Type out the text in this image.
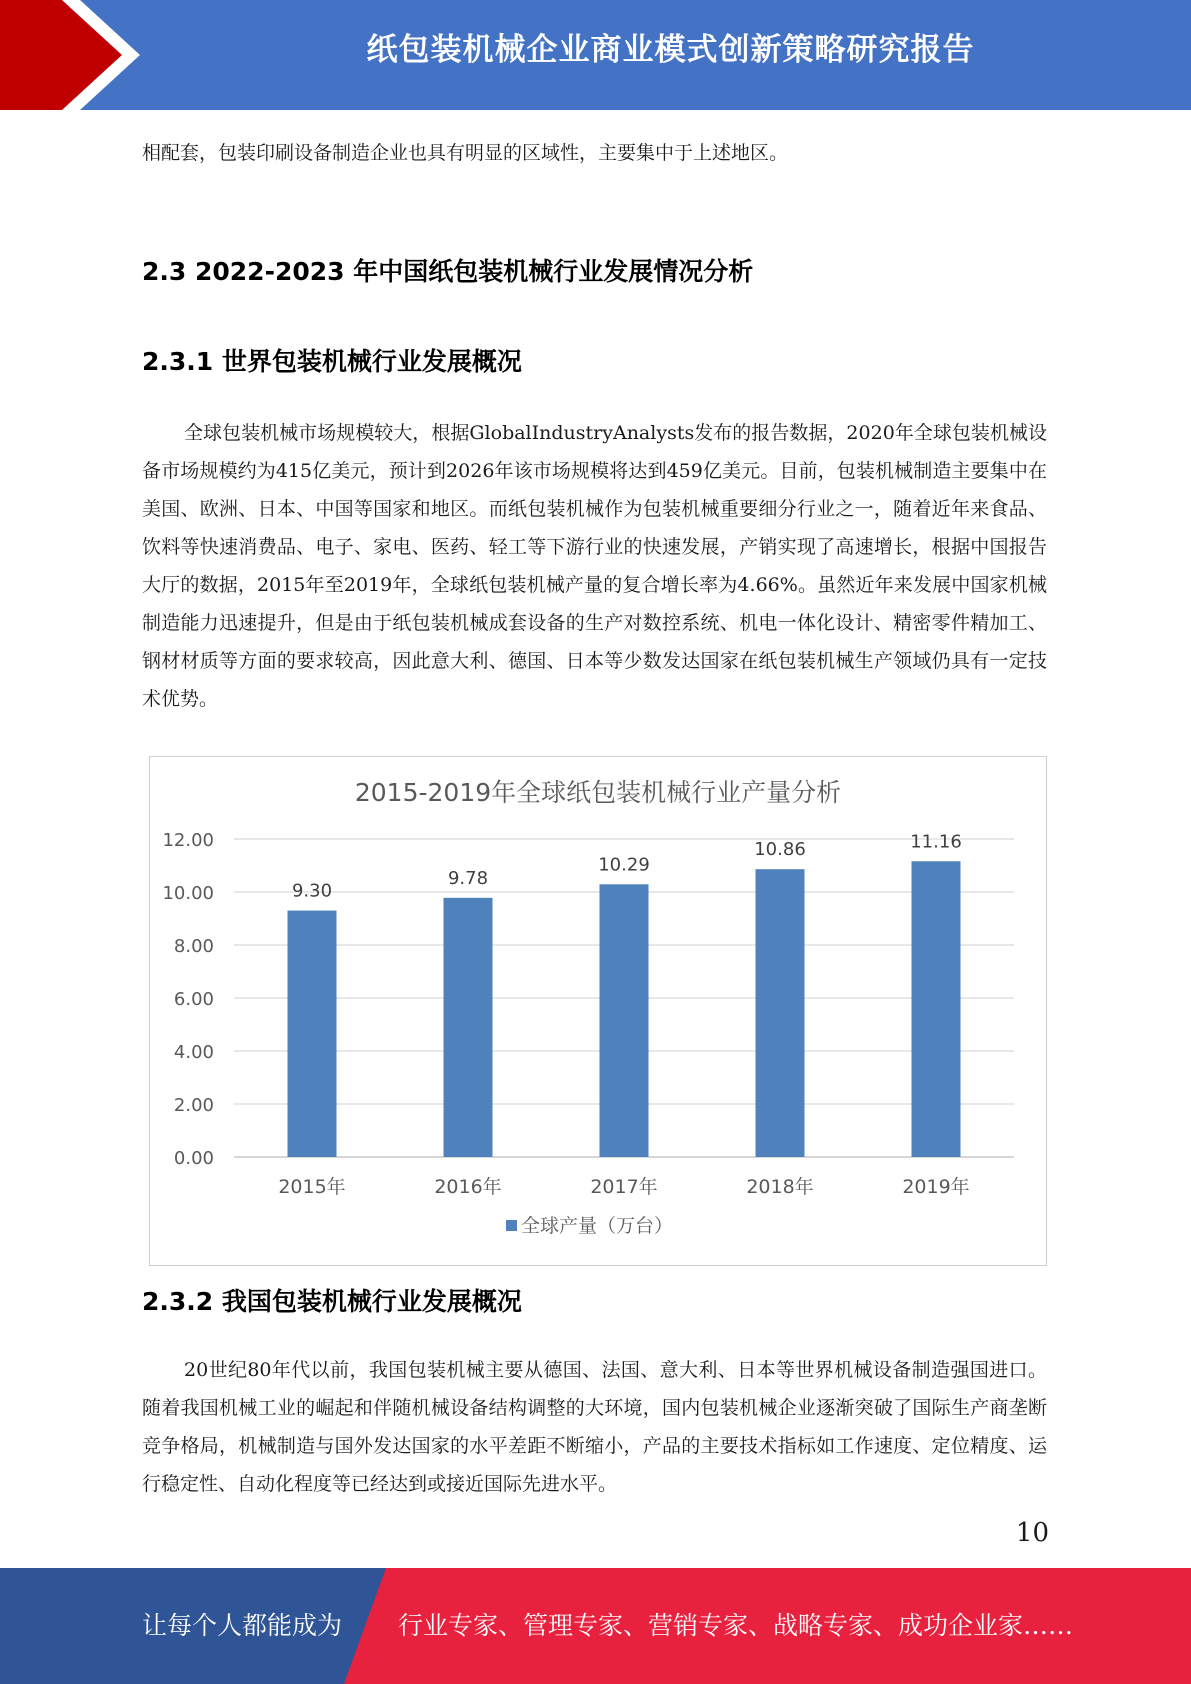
纸包装机械企业商业模式创新策略研究报告

相配套，包装印刷设备制造企业也具有明显的区域性，主要集中于上述地区。

2.3 2022-2023 年中国纸包装机械行业发展情况分析
2.3.1 世界包装机械行业发展概况

全球包装机械市场规模较大，根据GlobalIndustryAnalysts发布的报告数据，2020年全球包装机械设备市场规模约为415亿美元，预计到2026年该市场规模将达到459亿美元。目前，包装机械制造主要集中在美国、欧洲、日本、中国等国家和地区。而纸包装机械作为包装机械重要细分行业之一，随着近年来食品、饮料等快速消费品、电子、家电、医药、轻工等下游行业的快速发展，产销实现了高速增长，根据中国报告大厅的数据，2015年至2019年，全球纸包装机械产量的复合增长率为4.66%。虽然近年来发展中国家机械制造能力迅速提升，但是由于纸包装机械成套设备的生产对数控系统、机电一体化设计、精密零件精加工、钢材材质等方面的要求较高，因此意大利、德国、日本等少数发达国家在纸包装机械生产领域仍具有一定技术优势。

2015-2019年全球纸包装机械行业产量分析
0.00
2.00
4.00
6.00
8.00
10.00
12.00
9.30
9.78
10.29
10.86	11.16
2015年	2016年	2017年	2018年	2019年
全球产量（万台）
2.3.2 我国包装机械行业发展概况

20世纪80年代以前，我国包装机械主要从德国、法国、意大利、日本等世界机械设备制造强国进口。随着我国机械工业的崛起和伴随机械设备结构调整的大环境，国内包装机械企业逐渐突破了国际生产商垄断竞争格局，机械制造与国外发达国家的水平差距不断缩小，产品的主要技术指标如工作速度、定位精度、运行稳定性、自动化程度等已经达到或接近国际先进水平。

10
让每个人都能成为 行业专家、管理专家、营销专家、战略专家、成功企业家……
